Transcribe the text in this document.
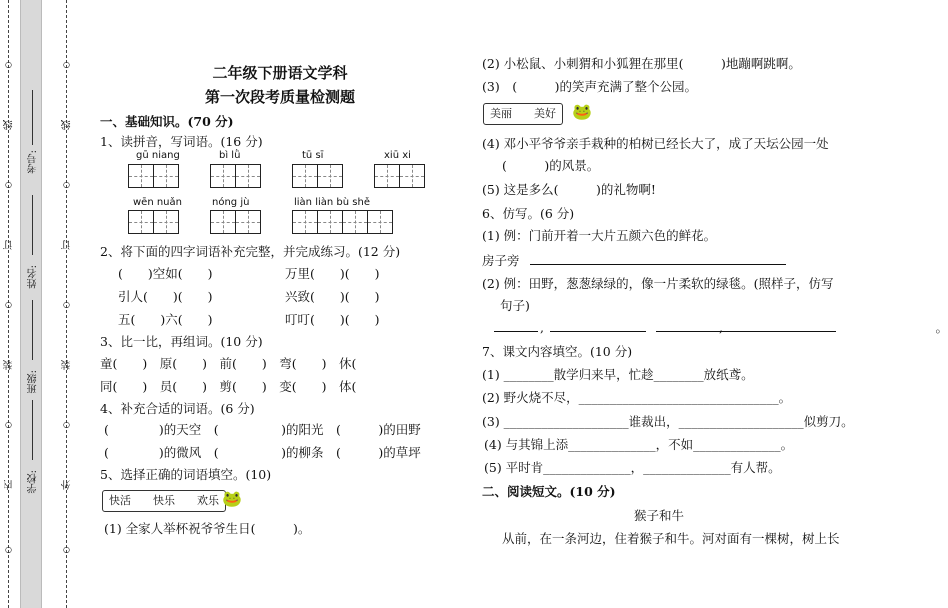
学校:
班级:
姓名:
考号:
线
订
装
内
线
订
装
外
○
○
○
○
○
○
○
○
○
○
二年级下册语文学科
第一次段考质量检测题
一、基础知识。(70 分)
1、读拼音，写词语。(16 分)
gū niang	bì lǜ	tū sī	xiū xi
wēn nuǎn	nóng jù	liàn liàn bù shě
2、将下面的四字词语补充完整，并完成练习。(12 分)
(　　)空如(　　)	万里(　　)(　　)
引人(　　)(　　)	兴致(　　)(　　)
五(　　)六(　　)	叮叮(　　)(　　)
3、比一比，再组词。(10 分)
童(　　)　原(　　)　前(　　)　弯(　　)　休(
同(　　)　员(　　)　剪(　　)　变(　　)　体(
4、补充合适的词语。(6 分)
(　　　　)的天空　(　　　　　)的阳光　(　　　)的田野
(　　　　)的微风　(　　　　　)的柳条　(　　　)的草坪
5、选择正确的词语填空。(10)
快活　　快乐　　欢乐 🐸
(1) 全家人举杯祝爷爷生日(　　　)。
(2) 小松鼠、小刺猬和小狐狸在那里(　　　)地蹦啊跳啊。
(3)　(　　　)的笑声充满了整个公园。
美丽　　美好	🐸
(4) 邓小平爷爷亲手栽种的柏树已经长大了，成了天坛公园一处
(　　　)的风景。
(5) 这是多么(　　　)的礼物啊!
6、仿写。(6 分)
(1) 例：门前开着一大片五颜六色的鲜花。
房子旁
(2) 例：田野，葱葱绿绿的，像一片柔软的绿毯。(照样子，仿写
句子)
,　　　　　　　　　　　　　　,　　　　　　　　　　　　　　　　　。
7、课文内容填空。(10 分)
(1) ________散学归来早，忙趁________放纸鸢。
(2) 野火烧不尽，________________________________。
(3) ____________________谁裁出，____________________似剪刀。
(4) 与其锦上添______________，不如______________。
(5) 平时肯______________，______________有人帮。
二、阅读短文。(10 分)
猴子和牛
从前，在一条河边，住着猴子和牛。河对面有一棵树，树上长
